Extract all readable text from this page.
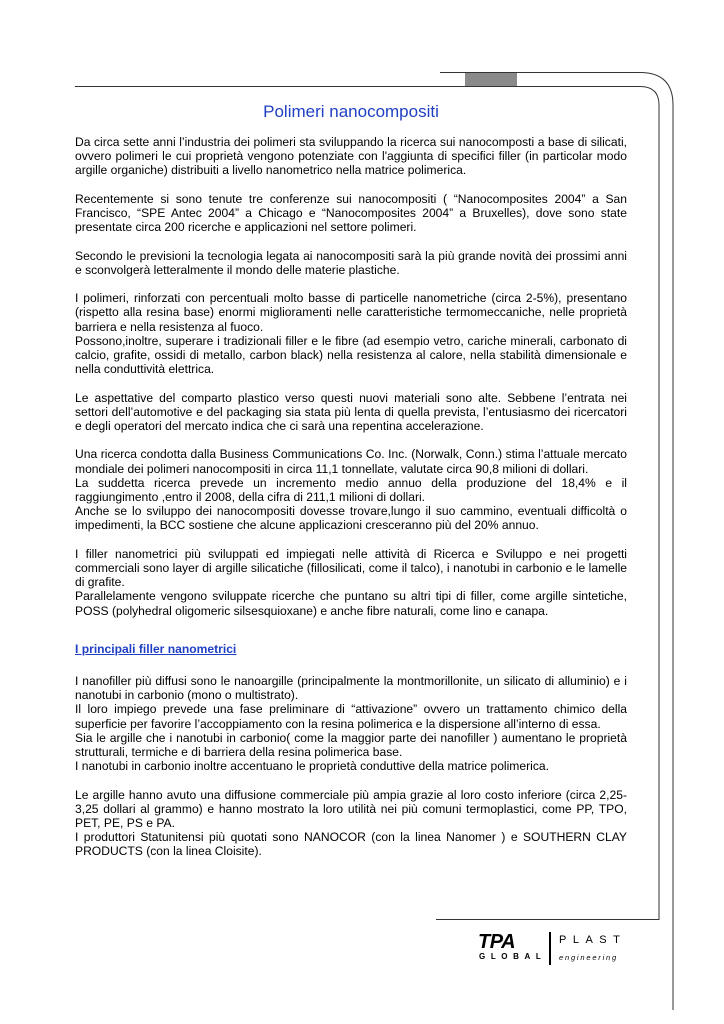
Polimeri nanocompositi

Da circa sette anni l’industria dei polimeri sta sviluppando la ricerca sui nanocomposti a base di silicati, ovvero polimeri le cui proprietà vengono potenziate con l'aggiunta di specifici filler (in particolar modo argille organiche) distribuiti a livello nanometrico nella matrice polimerica.

Recentemente si sono tenute tre conferenze sui nanocompositi ( “Nanocomposites 2004” a San Francisco, “SPE Antec 2004” a Chicago e “Nanocomposites 2004” a Bruxelles), dove sono state presentate circa 200 ricerche e applicazioni nel settore polimeri.

Secondo le previsioni la tecnologia legata ai nanocompositi sarà la più grande novità dei prossimi anni e sconvolgerà letteralmente il mondo delle materie plastiche.

I polimeri, rinforzati con percentuali molto basse di particelle nanometriche (circa 2-5%), presentano (rispetto alla resina base) enormi miglioramenti nelle caratteristiche termomeccaniche, nelle proprietà barriera e nella resistenza al fuoco.

Possono,inoltre, superare i tradizionali filler e le fibre (ad esempio vetro, cariche minerali, carbonato di calcio, grafite, ossidi di metallo, carbon black) nella resistenza al calore, nella stabilità dimensionale e nella conduttività elettrica.

Le aspettative del comparto plastico verso questi nuovi materiali sono alte. Sebbene l’entrata nei settori dell’automotive e del packaging sia stata più lenta di quella prevista, l’entusiasmo dei ricercatori e degli operatori del mercato indica che ci sarà una repentina accelerazione.

Una ricerca condotta dalla Business Communications Co. Inc. (Norwalk, Conn.) stima l’attuale mercato mondiale dei polimeri nanocompositi in circa 11,1 tonnellate, valutate circa 90,8 milioni di dollari.

La suddetta ricerca prevede un incremento medio annuo della produzione del 18,4% e il raggiungimento ,entro il 2008, della cifra di 211,1 milioni di dollari.

Anche se lo sviluppo dei nanocompositi dovesse trovare,lungo il suo cammino, eventuali difficoltà o impedimenti, la BCC sostiene che alcune applicazioni cresceranno più del 20% annuo.

I filler nanometrici più sviluppati ed impiegati nelle attività di Ricerca e Sviluppo e nei progetti commerciali sono layer di argille silicatiche (fillosilicati, come il talco), i nanotubi in carbonio e le lamelle di grafite.

Parallelamente vengono sviluppate ricerche che puntano su altri tipi di filler, come argille sintetiche, POSS (polyhedral oligomeric silsesquioxane) e anche fibre naturali, come lino e canapa.

I principali filler nanometrici

I nanofiller più diffusi sono le nanoargille (principalmente la montmorillonite, un silicato di alluminio) e i nanotubi in carbonio (mono o multistrato).

Il loro impiego prevede una fase preliminare di “attivazione” ovvero un trattamento chimico della superficie per favorire l’accoppiamento con la resina polimerica e la dispersione all’interno di essa.

Sia le argille che i nanotubi in carbonio( come la maggior parte dei nanofiller ) aumentano le proprietà strutturali, termiche e di barriera della resina polimerica base.

I nanotubi in carbonio inoltre accentuano le proprietà conduttive della matrice polimerica.

Le argille hanno avuto una diffusione commerciale più ampia grazie al loro costo inferiore (circa 2,25-3,25 dollari al grammo) e hanno mostrato la loro utilità nei più comuni termoplastici, come PP, TPO, PET, PE, PS e PA.

I produttori Statunitensi più quotati sono NANOCOR (con la linea Nanomer ) e SOUTHERN CLAY PRODUCTS (con la linea Cloisite).

TPA
GLOBAL
PLAST
engineering
